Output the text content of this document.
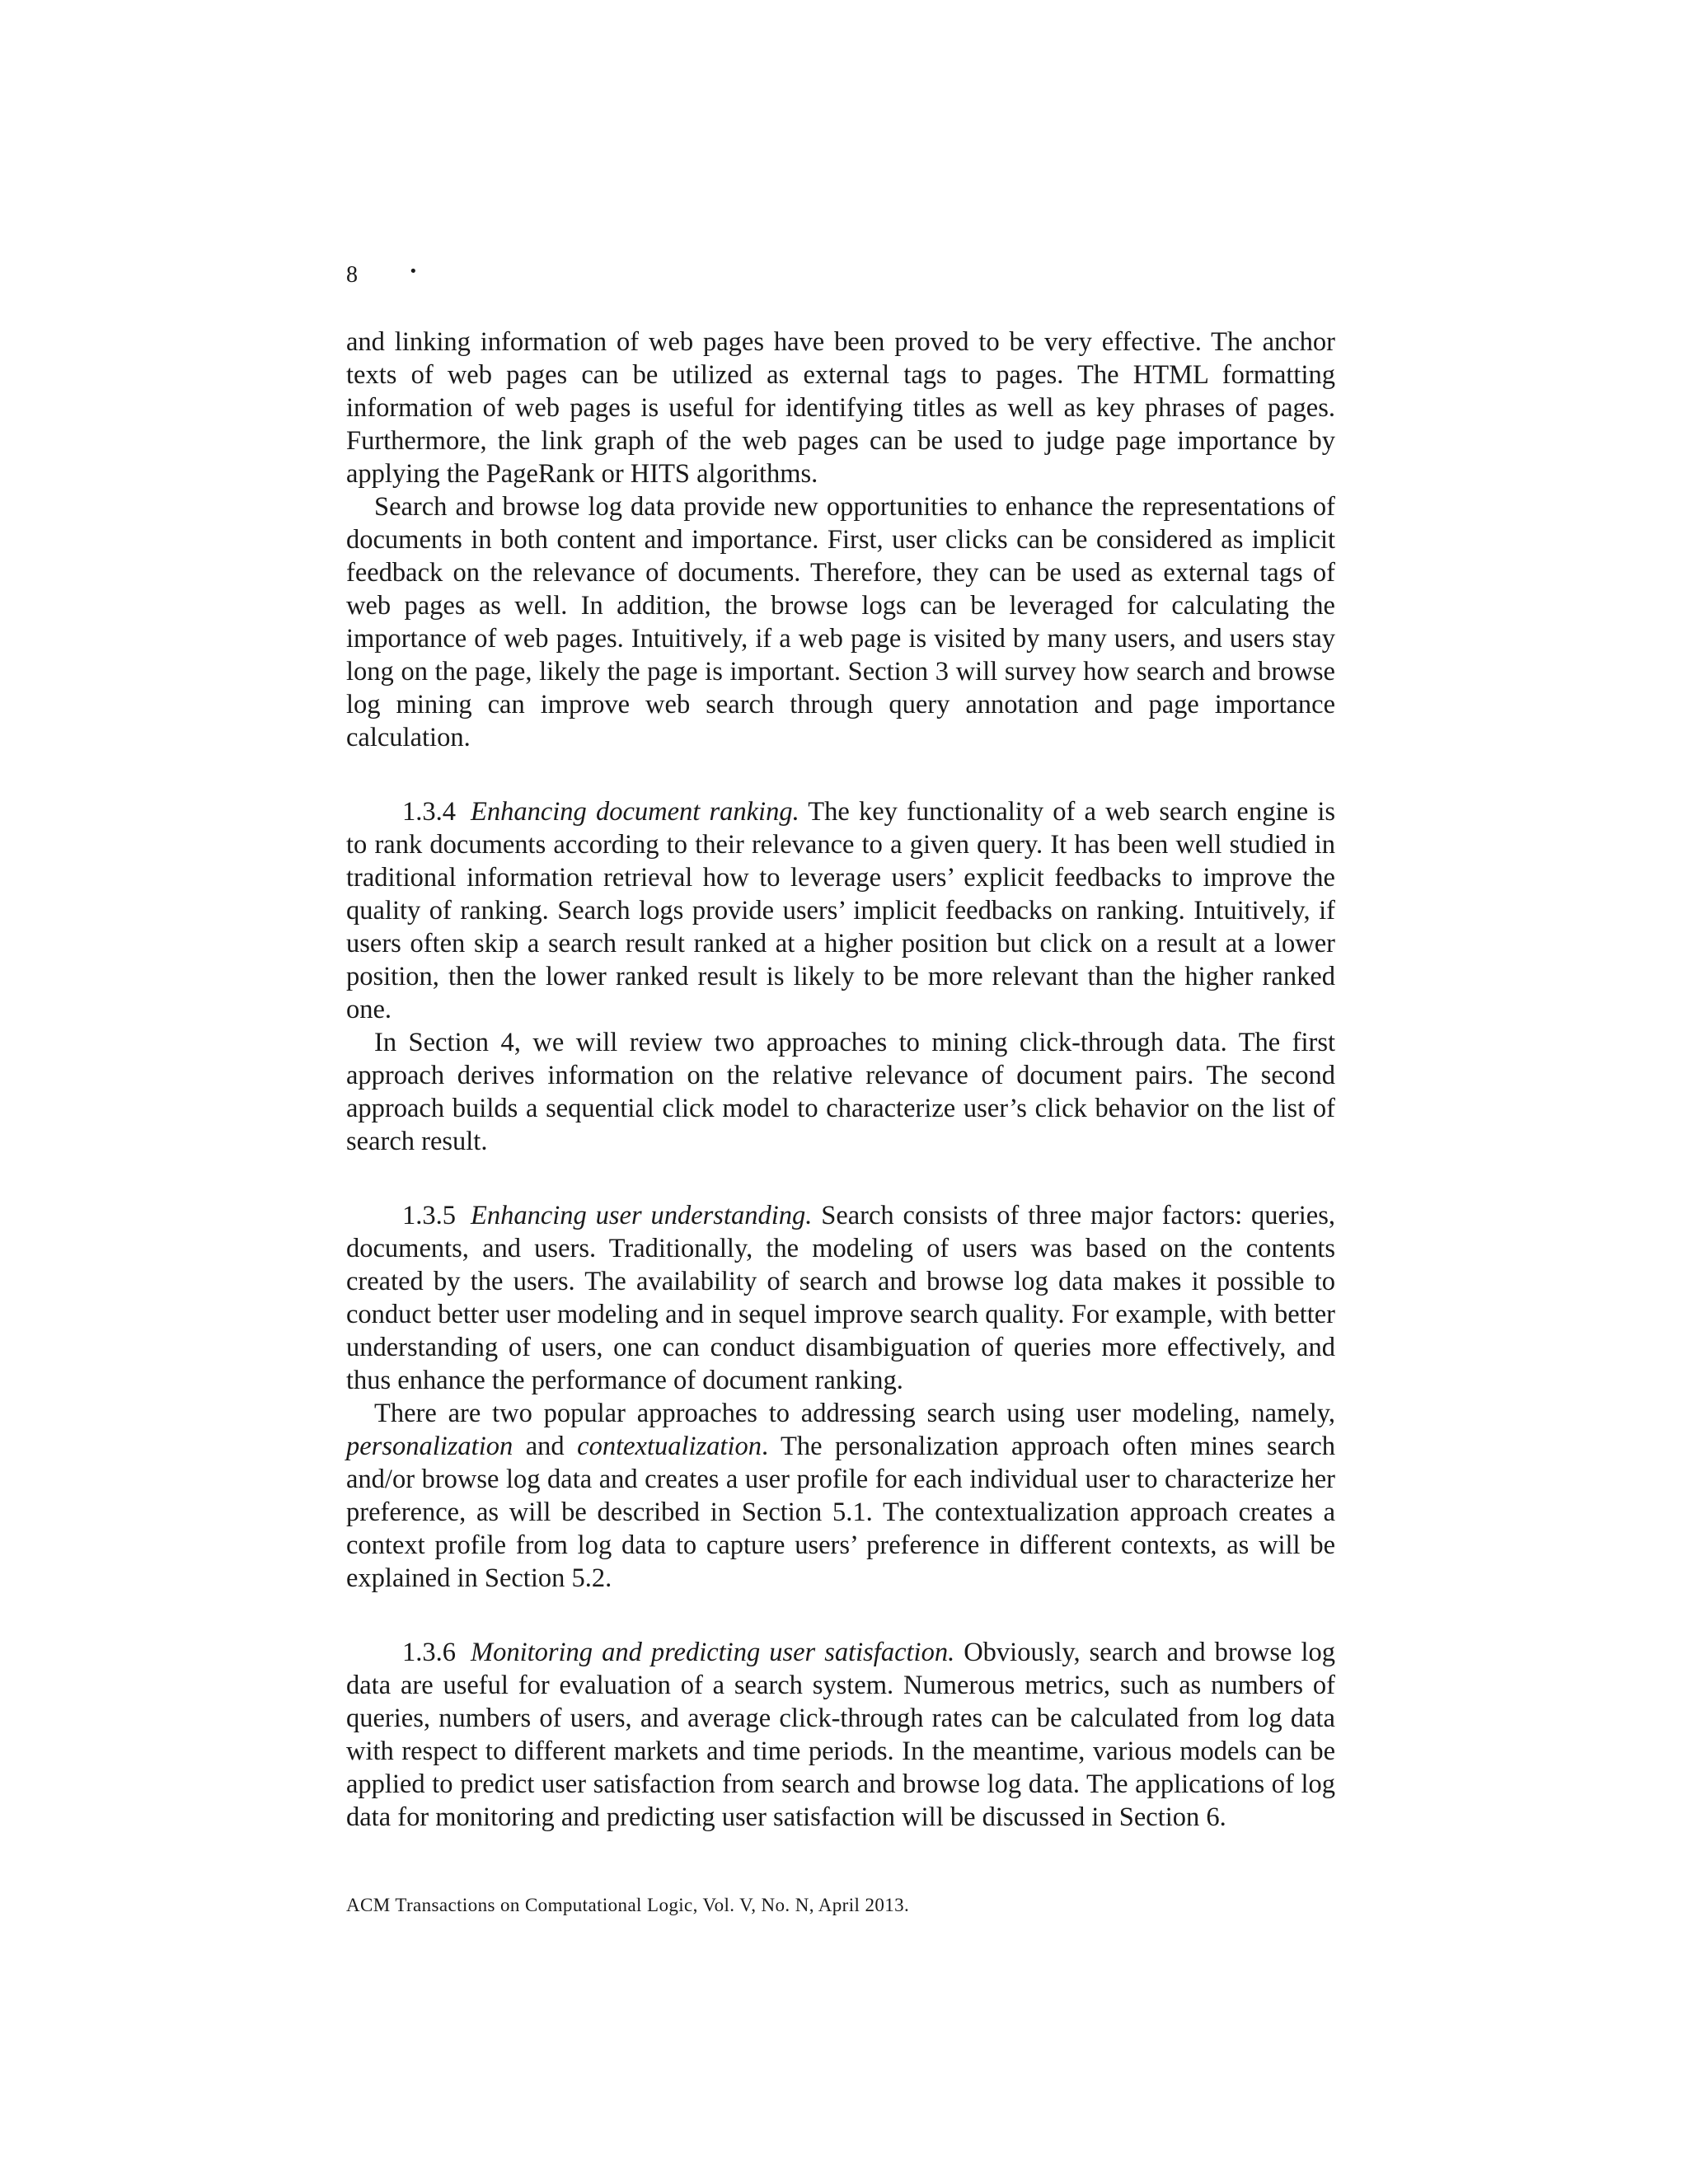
8 ·

and linking information of web pages have been proved to be very effective. The anchor texts of web pages can be utilized as external tags to pages. The HTML formatting information of web pages is useful for identifying titles as well as key phrases of pages. Furthermore, the link graph of the web pages can be used to judge page importance by applying the PageRank or HITS algorithms.

Search and browse log data provide new opportunities to enhance the representations of documents in both content and importance. First, user clicks can be considered as implicit feedback on the relevance of documents. Therefore, they can be used as external tags of web pages as well. In addition, the browse logs can be leveraged for calculating the importance of web pages. Intuitively, if a web page is visited by many users, and users stay long on the page, likely the page is important. Section 3 will survey how search and browse log mining can improve web search through query annotation and page importance calculation.

1.3.4 Enhancing document ranking. The key functionality of a web search engine is to rank documents according to their relevance to a given query. It has been well studied in traditional information retrieval how to leverage users’ explicit feedbacks to improve the quality of ranking. Search logs provide users’ implicit feedbacks on ranking. Intuitively, if users often skip a search result ranked at a higher position but click on a result at a lower position, then the lower ranked result is likely to be more relevant than the higher ranked one.

In Section 4, we will review two approaches to mining click-through data. The first approach derives information on the relative relevance of document pairs. The second approach builds a sequential click model to characterize user’s click behavior on the list of search result.

1.3.5 Enhancing user understanding. Search consists of three major factors: queries, documents, and users. Traditionally, the modeling of users was based on the contents created by the users. The availability of search and browse log data makes it possible to conduct better user modeling and in sequel improve search quality. For example, with better understanding of users, one can conduct disambiguation of queries more effectively, and thus enhance the performance of document ranking.

There are two popular approaches to addressing search using user modeling, namely, personalization and contextualization. The personalization approach often mines search and/or browse log data and creates a user profile for each individual user to characterize her preference, as will be described in Section 5.1. The contextualization approach creates a context profile from log data to capture users’ preference in different contexts, as will be explained in Section 5.2.

1.3.6 Monitoring and predicting user satisfaction. Obviously, search and browse log data are useful for evaluation of a search system. Numerous metrics, such as numbers of queries, numbers of users, and average click-through rates can be calculated from log data with respect to different markets and time periods. In the meantime, various models can be applied to predict user satisfaction from search and browse log data. The applications of log data for monitoring and predicting user satisfaction will be discussed in Section 6.

ACM Transactions on Computational Logic, Vol. V, No. N, April 2013.
